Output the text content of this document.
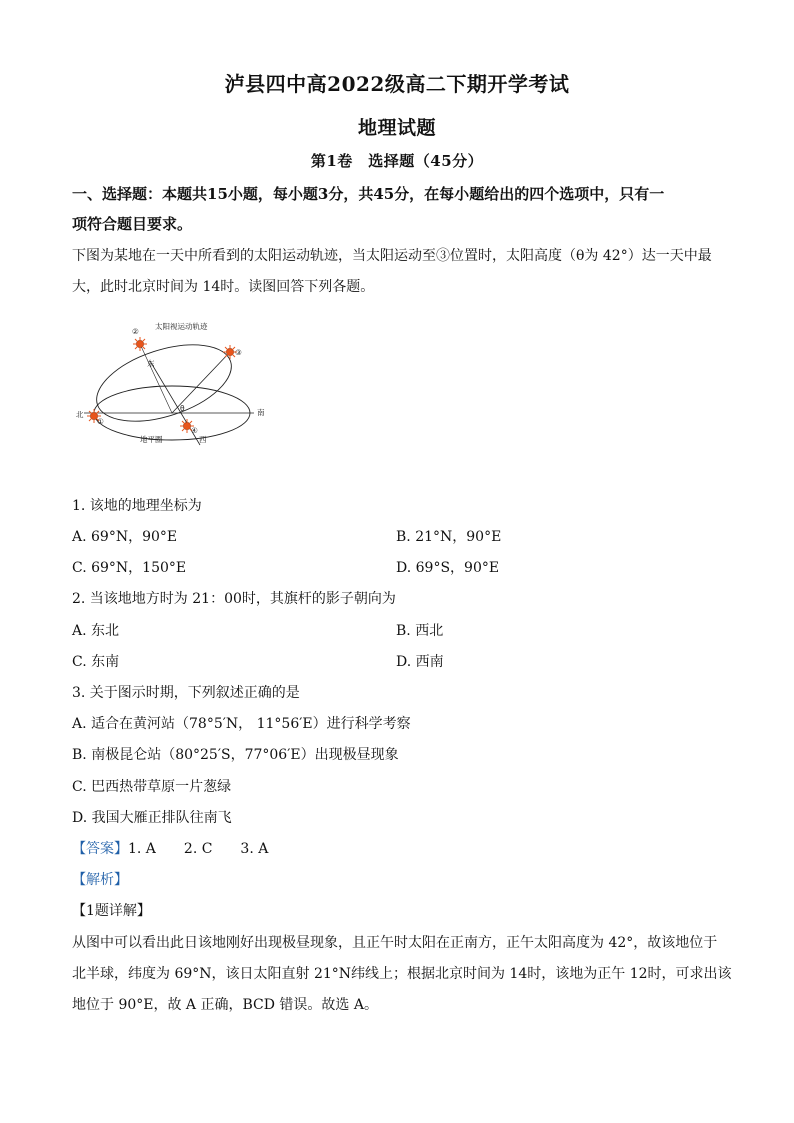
泸县四中高2022级高二下期开学考试
地理试题
第1卷　选择题（45分）
一、选择题：本题共15小题，每小题3分，共45分，在每小题给出的四个选项中，只有一
项符合题目要求。
下图为某地在一天中所看到的太阳运动轨迹，当太阳运动至③位置时，太阳高度（θ为 42°）达一天中最
大，此时北京时间为 14时。读图回答下列各题。
太阳视运动轨迹
②
③
东
北
①
θ	南
④
地平圈	西
1. 该地的地理坐标为
A. 69°N，90°E	B. 21°N，90°E
C. 69°N，150°E	D. 69°S，90°E
2. 当该地地方时为 21：00时，其旗杆的影子朝向为
A. 东北	B. 西北
C. 东南	D. 西南
3. 关于图示时期，下列叙述正确的是
A. 适合在黄河站（78°5′N， 11°56′E）进行科学考察
B. 南极昆仑站（80°25′S，77°06′E）出现极昼现象
C. 巴西热带草原一片葱绿
D. 我国大雁正排队往南飞
【答案】1. A　　2. C　　3. A
【解析】
【1题详解】
从图中可以看出此日该地刚好出现极昼现象，且正午时太阳在正南方，正午太阳高度为 42°，故该地位于
北半球，纬度为 69°N，该日太阳直射 21°N纬线上；根据北京时间为 14时，该地为正午 12时，可求出该
地位于 90°E，故 A 正确，BCD 错误。故选 A。
